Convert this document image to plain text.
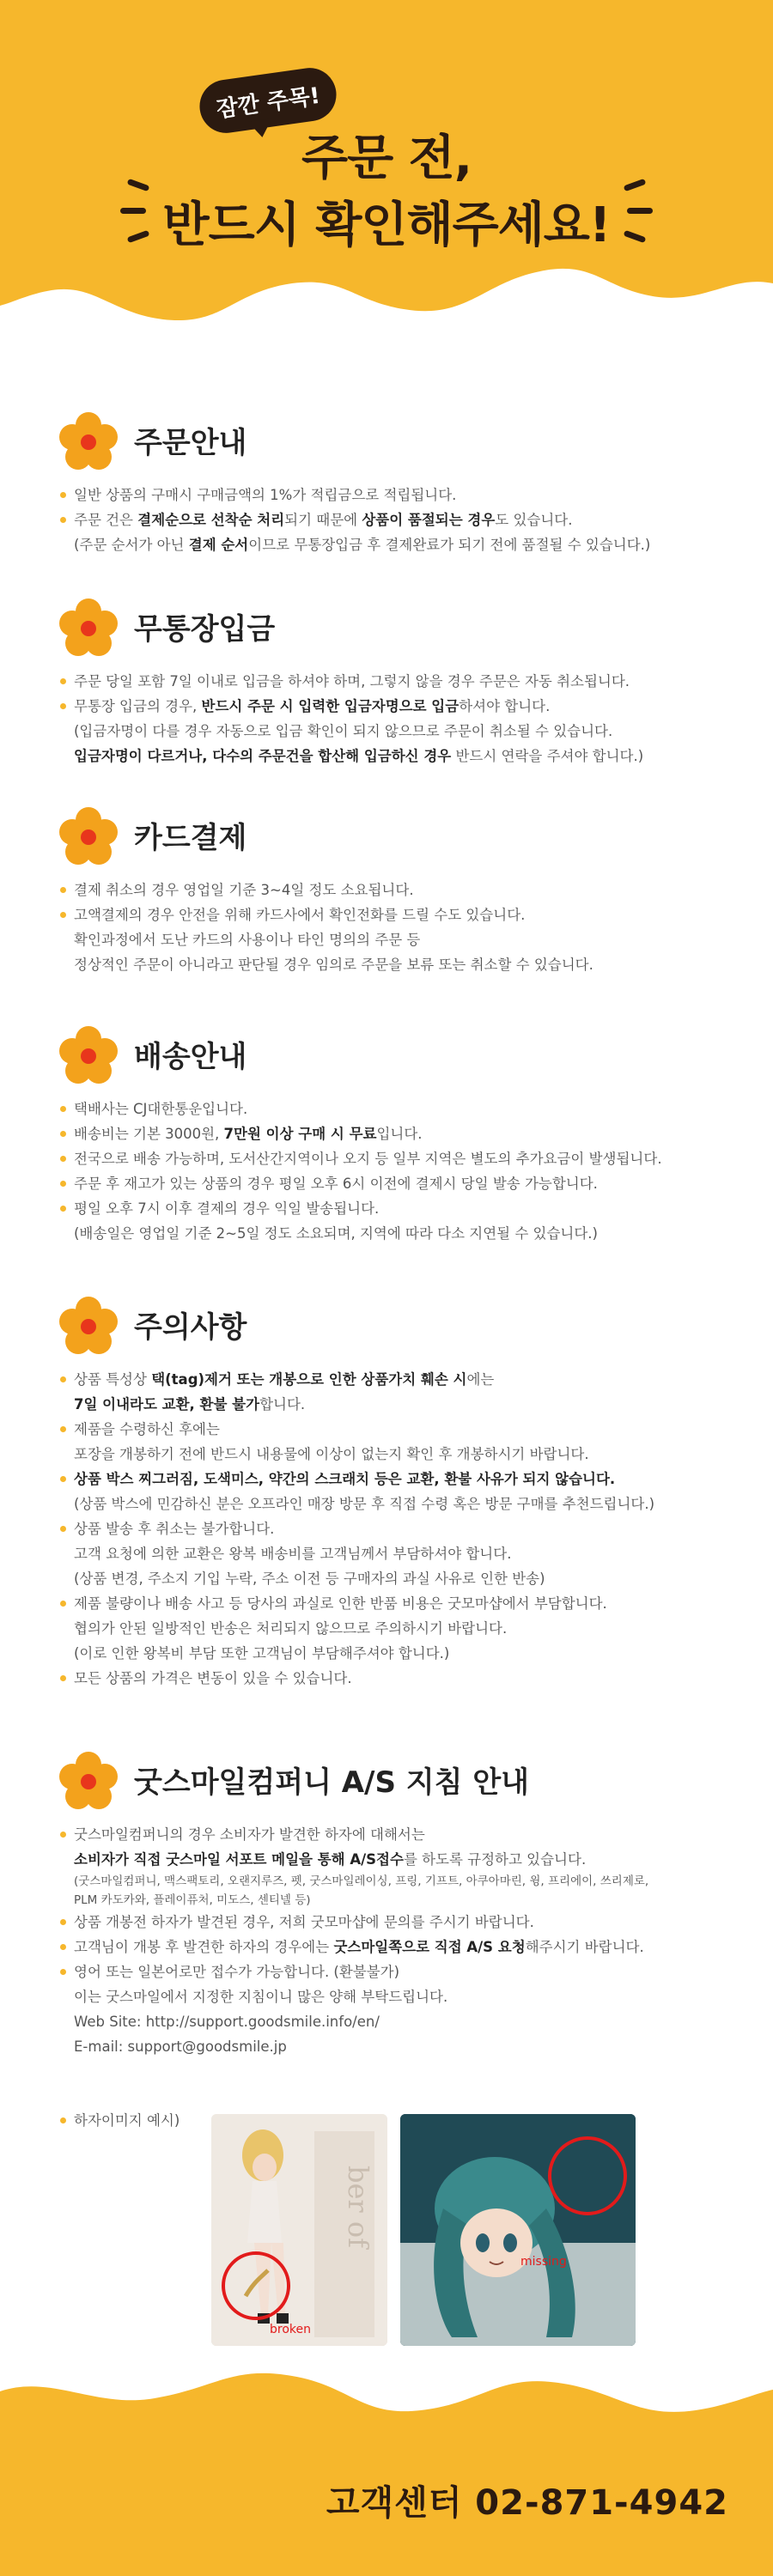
잠깐 주목!
주문 전,
반드시 확인해주세요!
주문안내
일반 상품의 구매시 구매금액의 1%가 적립금으로 적립됩니다.
주문 건은 결제순으로 선착순 처리되기 때문에 상품이 품절되는 경우도 있습니다.
(주문 순서가 아닌 결제 순서이므로 무통장입금 후 결제완료가 되기 전에 품절될 수 있습니다.)
무통장입금
주문 당일 포함 7일 이내로 입금을 하셔야 하며, 그렇지 않을 경우 주문은 자동 취소됩니다.
무통장 입금의 경우, 반드시 주문 시 입력한 입금자명으로 입금하셔야 합니다.
(입금자명이 다를 경우 자동으로 입금 확인이 되지 않으므로 주문이 취소될 수 있습니다.
입금자명이 다르거나, 다수의 주문건을 합산해 입금하신 경우 반드시 연락을 주셔야 합니다.)
카드결제
결제 취소의 경우 영업일 기준 3~4일 정도 소요됩니다.
고액결제의 경우 안전을 위해 카드사에서 확인전화를 드릴 수도 있습니다.
확인과정에서 도난 카드의 사용이나 타인 명의의 주문 등
정상적인 주문이 아니라고 판단될 경우 임의로 주문을 보류 또는 취소할 수 있습니다.
배송안내
택배사는 CJ대한통운입니다.
배송비는 기본 3000원, 7만원 이상 구매 시 무료입니다.
전국으로 배송 가능하며, 도서산간지역이나 오지 등 일부 지역은 별도의 추가요금이 발생됩니다.
주문 후 재고가 있는 상품의 경우 평일 오후 6시 이전에 결제시 당일 발송 가능합니다.
평일 오후 7시 이후 결제의 경우 익일 발송됩니다.
(배송일은 영업일 기준 2~5일 정도 소요되며, 지역에 따라 다소 지연될 수 있습니다.)
주의사항
상품 특성상 택(tag)제거 또는 개봉으로 인한 상품가치 훼손 시에는
7일 이내라도 교환, 환불 불가합니다.
제품을 수령하신 후에는
포장을 개봉하기 전에 반드시 내용물에 이상이 없는지 확인 후 개봉하시기 바랍니다.
상품 박스 찌그러짐, 도색미스, 약간의 스크래치 등은 교환, 환불 사유가 되지 않습니다.
(상품 박스에 민감하신 분은 오프라인 매장 방문 후 직접 수령 혹은 방문 구매를 추천드립니다.)
상품 발송 후 취소는 불가합니다.
고객 요청에 의한 교환은 왕복 배송비를 고객님께서 부담하셔야 합니다.
(상품 변경, 주소지 기입 누락, 주소 이전 등 구매자의 과실 사유로 인한 반송)
제품 불량이나 배송 사고 등 당사의 과실로 인한 반품 비용은 굿모마샵에서 부담합니다.
협의가 안된 일방적인 반송은 처리되지 않으므로 주의하시기 바랍니다.
(이로 인한 왕복비 부담 또한 고객님이 부담해주셔야 합니다.)
모든 상품의 가격은 변동이 있을 수 있습니다.
굿스마일컴퍼니 A/S 지침 안내
굿스마일컴퍼니의 경우 소비자가 발견한 하자에 대해서는
소비자가 직접 굿스마일 서포트 메일을 통해 A/S접수를 하도록 규정하고 있습니다.
(굿스마일컴퍼니, 맥스팩토리, 오랜지루즈, 펫, 굿스마일레이싱, 프링, 기프트, 아쿠아마린, 윙, 프리에이, 쓰리제로,
PLM 카도카와, 플레이퓨처, 미도스, 센티넬 등)
상품 개봉전 하자가 발견된 경우, 저희 굿모마샵에 문의를 주시기 바랍니다.
고객님이 개봉 후 발견한 하자의 경우에는 굿스마일쪽으로 직접 A/S 요청해주시기 바랍니다.
영어 또는 일본어로만 접수가 가능합니다. (환불불가)
이는 굿스마일에서 지정한 지침이니 많은 양해 부탁드립니다.
Web Site: http://support.goodsmile.info/en/
E-mail: support@goodsmile.jp
하자이미지 예시)
ber of
broken
missing
고객센터 02-871-4942
